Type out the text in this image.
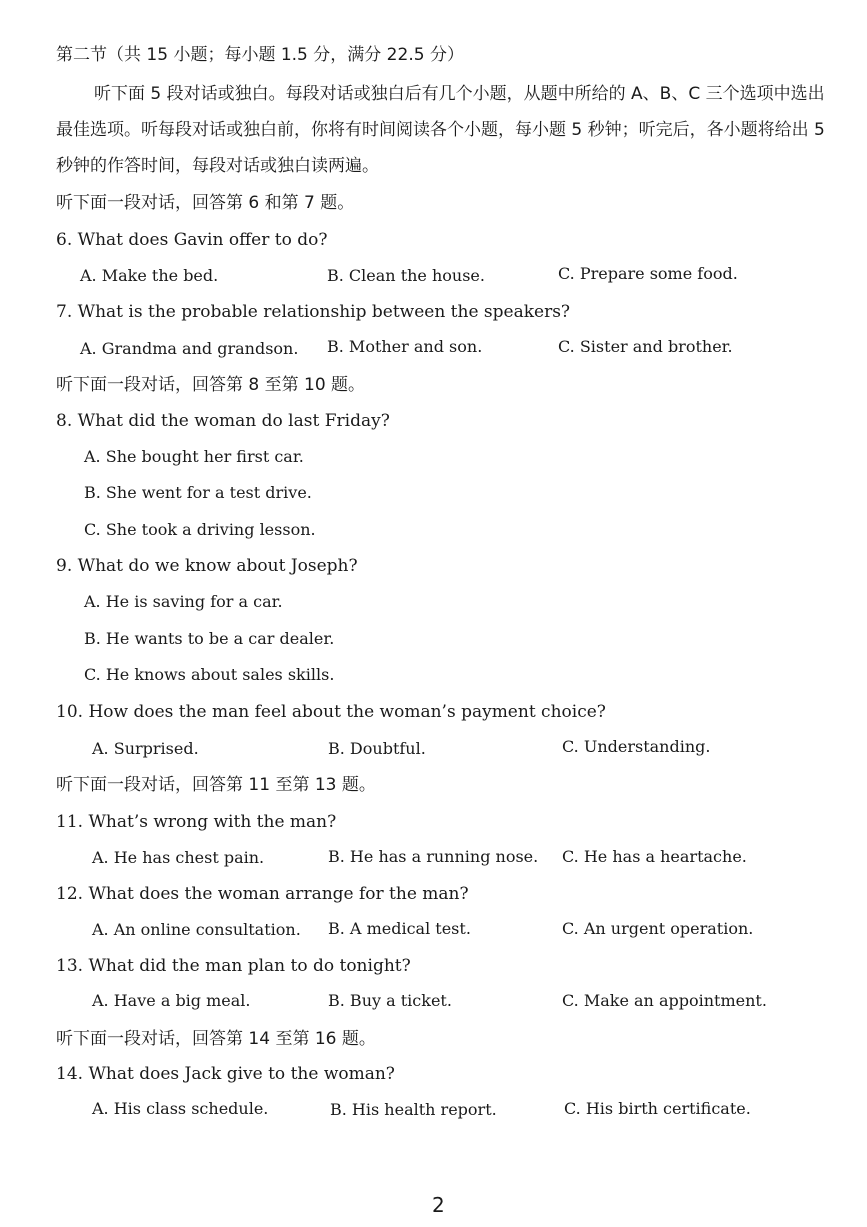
第二节（共 15 小题；每小题 1.5 分，满分 22.5 分）
听下面 5 段对话或独白。每段对话或独白后有几个小题，从题中所给的 A、B、C 三个选项中选出最佳选项。听每段对话或独白前，你将有时间阅读各个小题，每小题 5 秒钟；听完后，各小题将给出 5 秒钟的作答时间，每段对话或独白读两遍。
听下面一段对话，回答第 6 和第 7 题。
6. What does Gavin offer to do?
A. Make the bed.	B. Clean the house.	C. Prepare some food.
7. What is the probable relationship between the speakers?
A. Grandma and grandson. B. Mother and son.	C. Sister and brother.
听下面一段对话，回答第 8 至第 10 题。
8. What did the woman do last Friday?
A. She bought her first car.
B. She went for a test drive.
C. She took a driving lesson.
9. What do we know about Joseph?
A. He is saving for a car.
B. He wants to be a car dealer.
C. He knows about sales skills.
10. How does the man feel about the woman’s payment choice?
A. Surprised.	B. Doubtful.	C. Understanding.
听下面一段对话，回答第 11 至第 13 题。
11. What’s wrong with the man?
A. He has chest pain.	B. He has a running nose. C. He has a heartache.
12. What does the woman arrange for the man?
A. An online consultation. B. A medical test.	C. An urgent operation.
13. What did the man plan to do tonight?
A. Have a big meal.	B. Buy a ticket.	C. Make an appointment.
听下面一段对话，回答第 14 至第 16 题。
14. What does Jack give to the woman?
A. His class schedule.	B. His health report.	C. His birth certificate.
2
